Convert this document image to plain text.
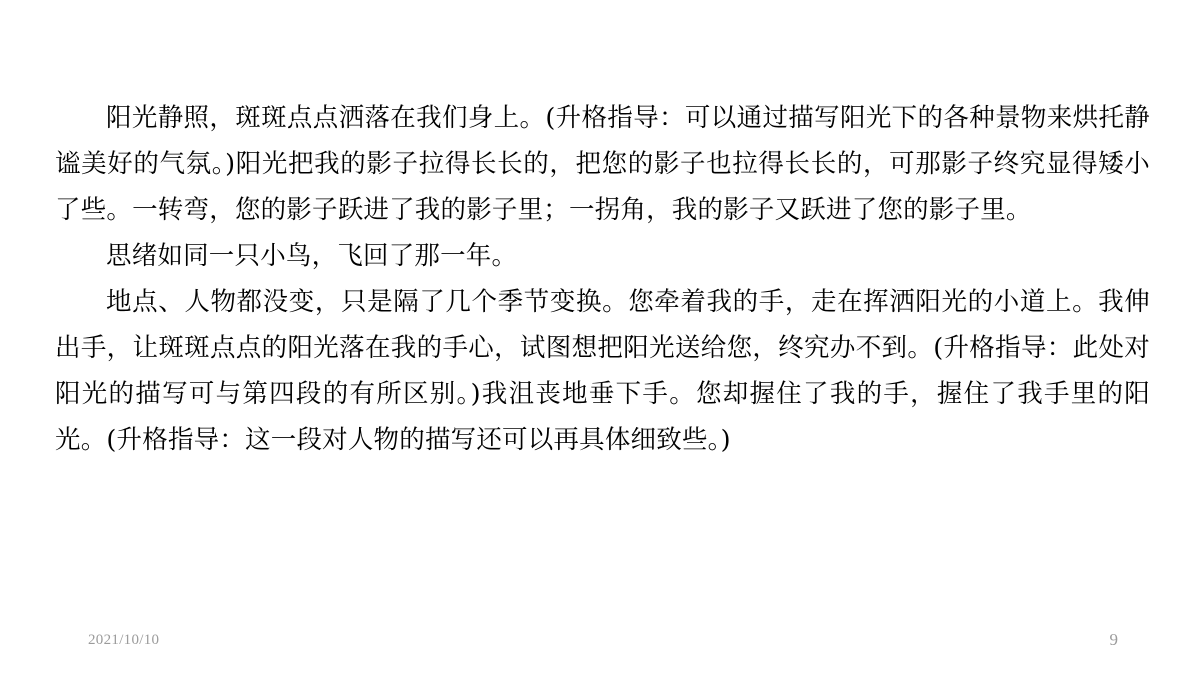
阳光静照，斑斑点点洒落在我们身上。(升格指导：可以通过描写阳光下的各种景物来烘托静谧美好的气氛。)阳光把我的影子拉得长长的，把您的影子也拉得长长的，可那影子终究显得矮小了些。一转弯，您的影子跃进了我的影子里；一拐角，我的影子又跃进了您的影子里。

思绪如同一只小鸟，飞回了那一年。

地点、人物都没变，只是隔了几个季节变换。您牵着我的手，走在挥洒阳光的小道上。我伸出手，让斑斑点点的阳光落在我的手心，试图想把阳光送给您，终究办不到。(升格指导：此处对阳光的描写可与第四段的有所区别。)我沮丧地垂下手。您却握住了我的手，握住了我手里的阳光。(升格指导：这一段对人物的描写还可以再具体细致些。)

2021/10/10	9
